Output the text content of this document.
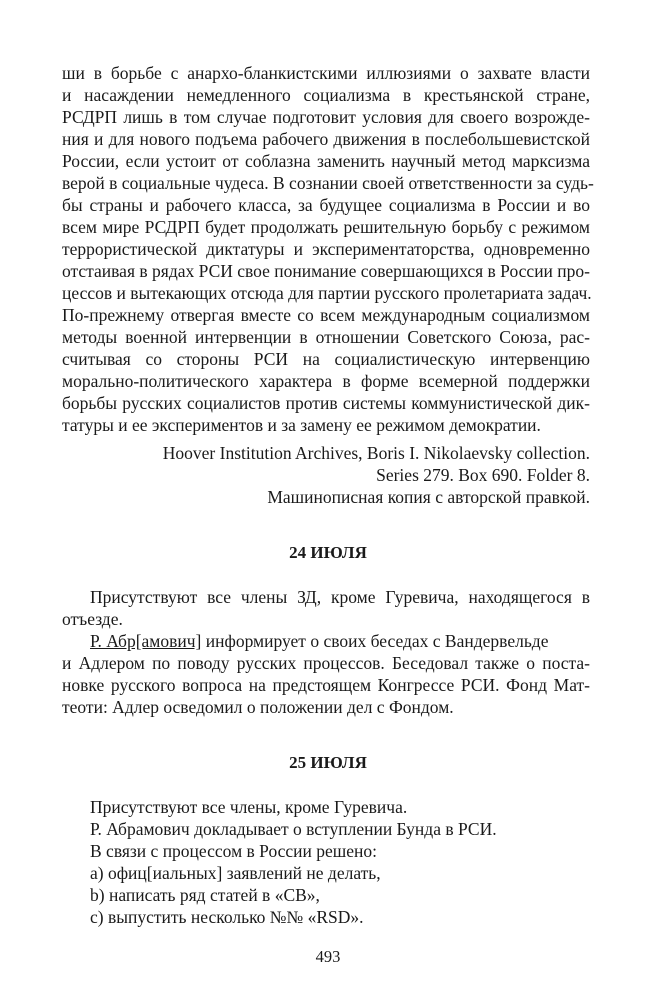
ши в борьбе с анархо-бланкистскими иллюзиями о захвате власти
и насаждении немедленного социализма в крестьянской стране,
РСДРП лишь в том случае подготовит условия для своего возрожде-
ния и для нового подъема рабочего движения в послебольшевистской
России, если устоит от соблазна заменить научный метод марксизма
верой в социальные чудеса. В сознании своей ответственности за судь-
бы страны и рабочего класса, за будущее социализма в России и во
всем мире РСДРП будет продолжать решительную борьбу с режимом
террористической диктатуры и экспериментаторства, одновременно
отстаивая в рядах РСИ свое понимание совершающихся в России про-
цессов и вытекающих отсюда для партии русского пролетариата задач.
По-прежнему отвергая вместе со всем международным социализмом
методы военной интервенции в отношении Советского Союза, рас-
считывая со стороны РСИ на социалистическую интервенцию
морально-политического характера в форме всемерной поддержки
борьбы русских социалистов против системы коммунистической дик-
татуры и ее экспериментов и за замену ее режимом демократии.
Hoover Institution Archives, Boris I. Nikolaevsky collection.
Series 279. Box 690. Folder 8.
Машинописная копия с авторской правкой.
24 ИЮЛЯ
Присутствуют все члены ЗД, кроме Гуревича, находящегося в
отъезде.
Р. Абр[амович] информирует о своих беседах с Вандервельде
и Адлером по поводу русских процессов. Беседовал также о поста-
новке русского вопроса на предстоящем Конгрессе РСИ. Фонд Мат-
теоти: Адлер осведомил о положении дел с Фондом.
25 ИЮЛЯ
Присутствуют все члены, кроме Гуревича.
Р. Абрамович докладывает о вступлении Бунда в РСИ.
В связи с процессом в России решено:
a) офиц[иальных] заявлений не делать,
b) написать ряд статей в «СВ»,
c) выпустить несколько №№ «RSD».
493
